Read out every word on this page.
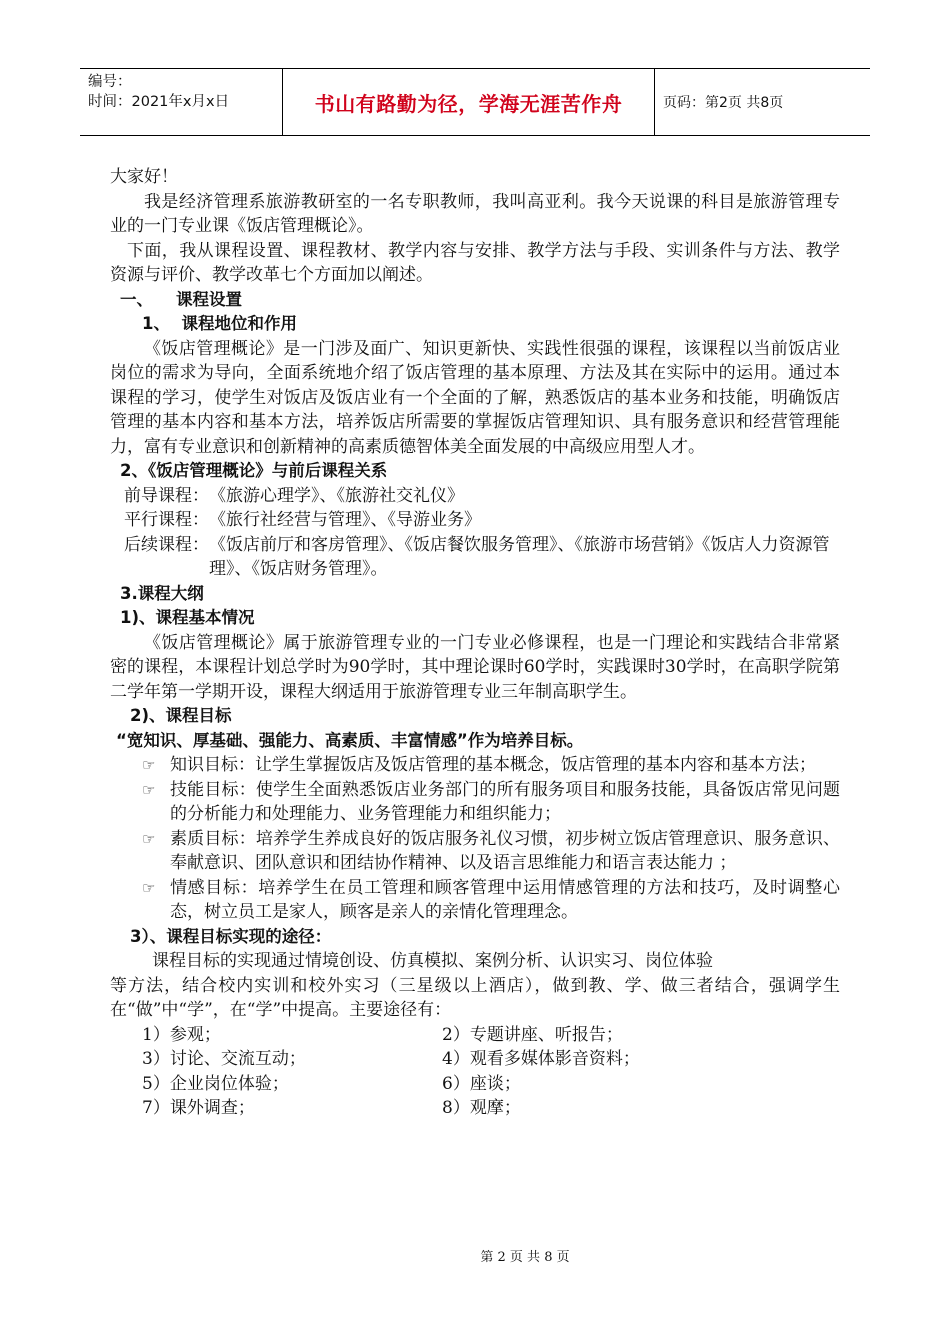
编号：
时间：2021年x月x日	书山有路勤为径，学海无涯苦作舟	页码：第2页 共8页

大家好！

我是经济管理系旅游教研室的一名专职教师，我叫高亚利。我今天说课的科目是旅游管理专业的一门专业课《饭店管理概论》。

下面，我从课程设置、课程教材、教学内容与安排、教学方法与手段、实训条件与方法、教学资源与评价、教学改革七个方面加以阐述。

一、    课程设置

1、  课程地位和作用

《饭店管理概论》是一门涉及面广、知识更新快、实践性很强的课程，该课程以当前饭店业岗位的需求为导向，全面系统地介绍了饭店管理的基本原理、方法及其在实际中的运用。通过本课程的学习，使学生对饭店及饭店业有一个全面的了解，熟悉饭店的基本业务和技能，明确饭店管理的基本内容和基本方法，培养饭店所需要的掌握饭店管理知识、具有服务意识和经营管理能力，富有专业意识和创新精神的高素质德智体美全面发展的中高级应用型人才。

2、《饭店管理概论》与前后课程关系

前导课程： 《旅游心理学》、《旅游社交礼仪》
平行课程： 《旅行社经营与管理》、《导游业务》
后续课程： 《饭店前厅和客房管理》、《饭店餐饮服务管理》、《旅游市场营销》《饭店人力资源管理》、《饭店财务管理》。

3.课程大纲

1)、课程基本情况

《饭店管理概论》属于旅游管理专业的一门专业必修课程，也是一门理论和实践结合非常紧密的课程，本课程计划总学时为90学时，其中理论课时60学时，实践课时30学时，在高职学院第二学年第一学期开设，课程大纲适用于旅游管理专业三年制高职学生。

2)、课程目标

“宽知识、厚基础、强能力、高素质、丰富情感”作为培养目标。

☞ 知识目标：让学生掌握饭店及饭店管理的基本概念，饭店管理的基本内容和基本方法；
☞ 技能目标：使学生全面熟悉饭店业务部门的所有服务项目和服务技能，具备饭店常见问题的分析能力和处理能力、业务管理能力和组织能力；
☞ 素质目标：培养学生养成良好的饭店服务礼仪习惯，初步树立饭店管理意识、服务意识、奉献意识、团队意识和团结协作精神、以及语言思维能力和语言表达能力 ；
☞ 情感目标：培养学生在员工管理和顾客管理中运用情感管理的方法和技巧，及时调整心态，树立员工是家人，顾客是亲人的亲情化管理理念。

3）、课程目标实现的途径：

课程目标的实现通过情境创设、仿真模拟、案例分析、认识实习、岗位体验

等方法，结合校内实训和校外实习（三星级以上酒店），做到教、学、做三者结合，强调学生在“做”中“学”，在“学”中提高。主要途径有：

1）参观；	2）专题讲座、听报告；
3）讨论、交流互动；	4）观看多媒体影音资料；
5）企业岗位体验；	6）座谈；
7）课外调查；	8）观摩；
第 2 页 共 8 页
